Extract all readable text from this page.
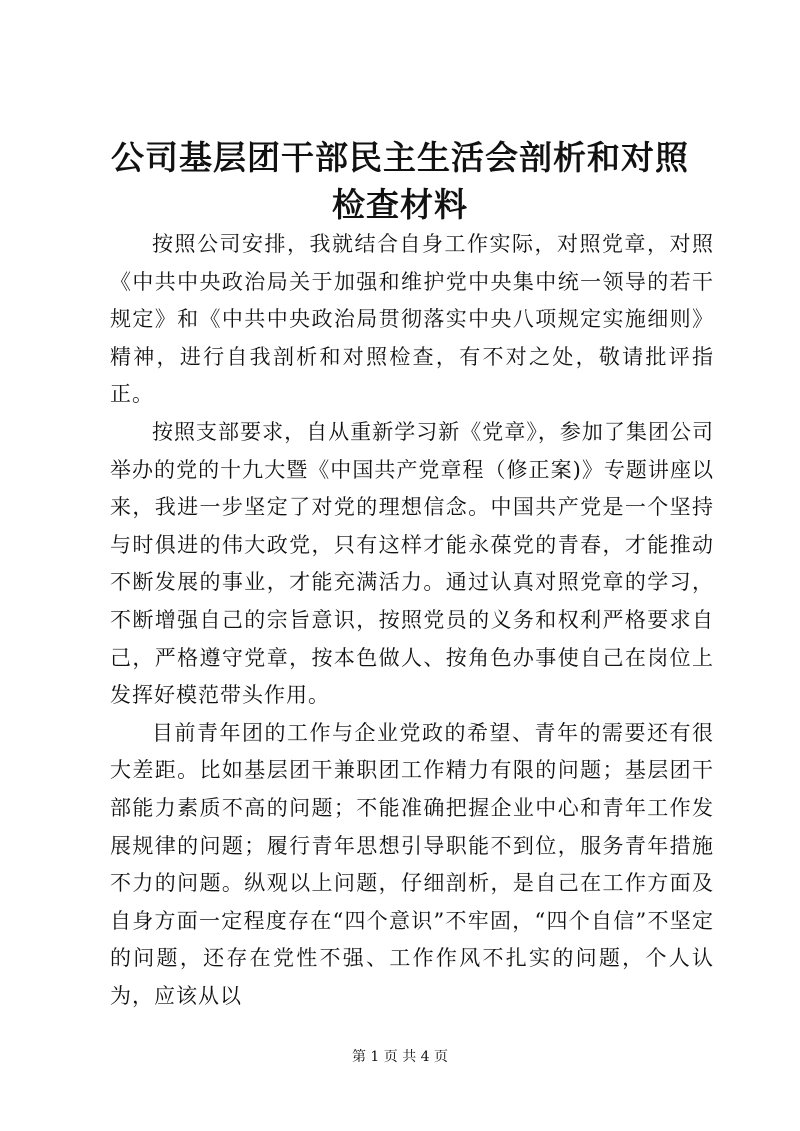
公司基层团干部民主生活会剖析和对照检查材料

按照公司安排，我就结合自身工作实际，对照党章，对照《中共中央政治局关于加强和维护党中央集中统一领导的若干规定》和《中共中央政治局贯彻落实中央八项规定实施细则》精神，进行自我剖析和对照检查，有不对之处，敬请批评指正。

按照支部要求，自从重新学习新《党章》，参加了集团公司举办的党的十九大暨《中国共产党章程（修正案)》专题讲座以来，我进一步坚定了对党的理想信念。中国共产党是一个坚持与时俱进的伟大政党，只有这样才能永葆党的青春，才能推动不断发展的事业，才能充满活力。通过认真对照党章的学习，不断增强自己的宗旨意识，按照党员的义务和权利严格要求自己，严格遵守党章，按本色做人、按角色办事使自己在岗位上发挥好模范带头作用。

目前青年团的工作与企业党政的希望、青年的需要还有很大差距。比如基层团干兼职团工作精力有限的问题；基层团干部能力素质不高的问题；不能准确把握企业中心和青年工作发展规律的问题；履行青年思想引导职能不到位，服务青年措施不力的问题。纵观以上问题，仔细剖析，是自己在工作方面及自身方面一定程度存在“四个意识”不牢固，“四个自信”不坚定的问题，还存在党性不强、工作作风不扎实的问题，个人认为，应该从以

第 1 页 共 4 页
